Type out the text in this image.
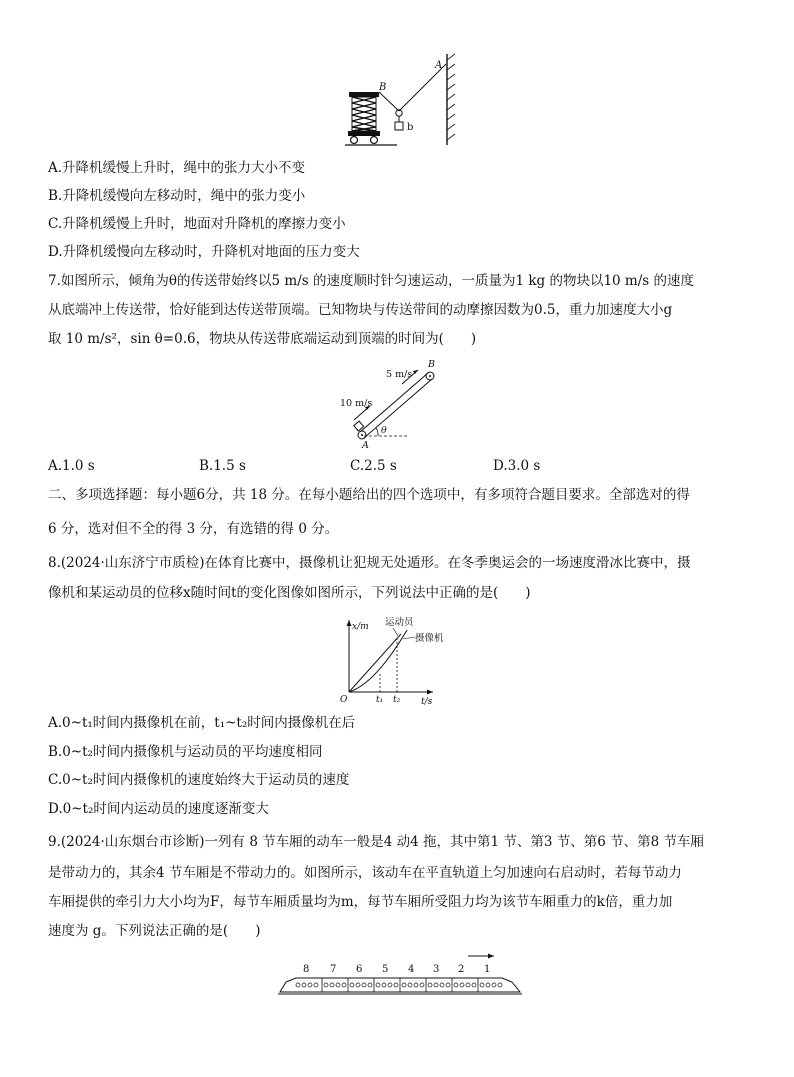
B
A
b
A.升降机缓慢上升时，绳中的张力大小不变
B.升降机缓慢向左移动时，绳中的张力变小
C.升降机缓慢上升时，地面对升降机的摩擦力变小
D.升降机缓慢向左移动时，升降机对地面的压力变大
7.如图所示，倾角为θ的传送带始终以5 m/s 的速度顺时针匀速运动，一质量为1 kg 的物块以10 m/s 的速度
从底端冲上传送带，恰好能到达传送带顶端。已知物块与传送带间的动摩擦因数为0.5，重力加速度大小g
取 10 m/s²，sin θ=0.6，物块从传送带底端运动到顶端的时间为(　　)
5 m/s
10 m/s
B
A
θ
A.1.0 s	B.1.5 s	C.2.5 s	D.3.0 s
二、多项选择题：每小题6分，共 18 分。在每小题给出的四个选项中，有多项符合题目要求。全部选对的得
6 分，选对但不全的得 3 分，有选错的得 0 分。
8.(2024·山东济宁市质检)在体育比赛中，摄像机让犯规无处遁形。在冬季奥运会的一场速度滑冰比赛中，摄
像机和某运动员的位移x随时间t的变化图像如图所示，下列说法中正确的是(　　)
x/m
t/s
O
运动员
摄像机
t₁ t₂
A.0~t₁时间内摄像机在前，t₁~t₂时间内摄像机在后
B.0~t₂时间内摄像机与运动员的平均速度相同
C.0~t₂时间内摄像机的速度始终大于运动员的速度
D.0~t₂时间内运动员的速度逐渐变大
9.(2024·山东烟台市诊断)一列有 8 节车厢的动车一般是4 动4 拖，其中第1 节、第3 节、第6 节、第8 节车厢
是带动力的，其余4 节车厢是不带动力的。如图所示，该动车在平直轨道上匀加速向右启动时，若每节动力
车厢提供的牵引力大小均为F，每节车厢质量均为m，每节车厢所受阻力均为该节车厢重力的k倍，重力加
速度为 g。下列说法正确的是(　　)
8 7 6 5 4 3 2 1
